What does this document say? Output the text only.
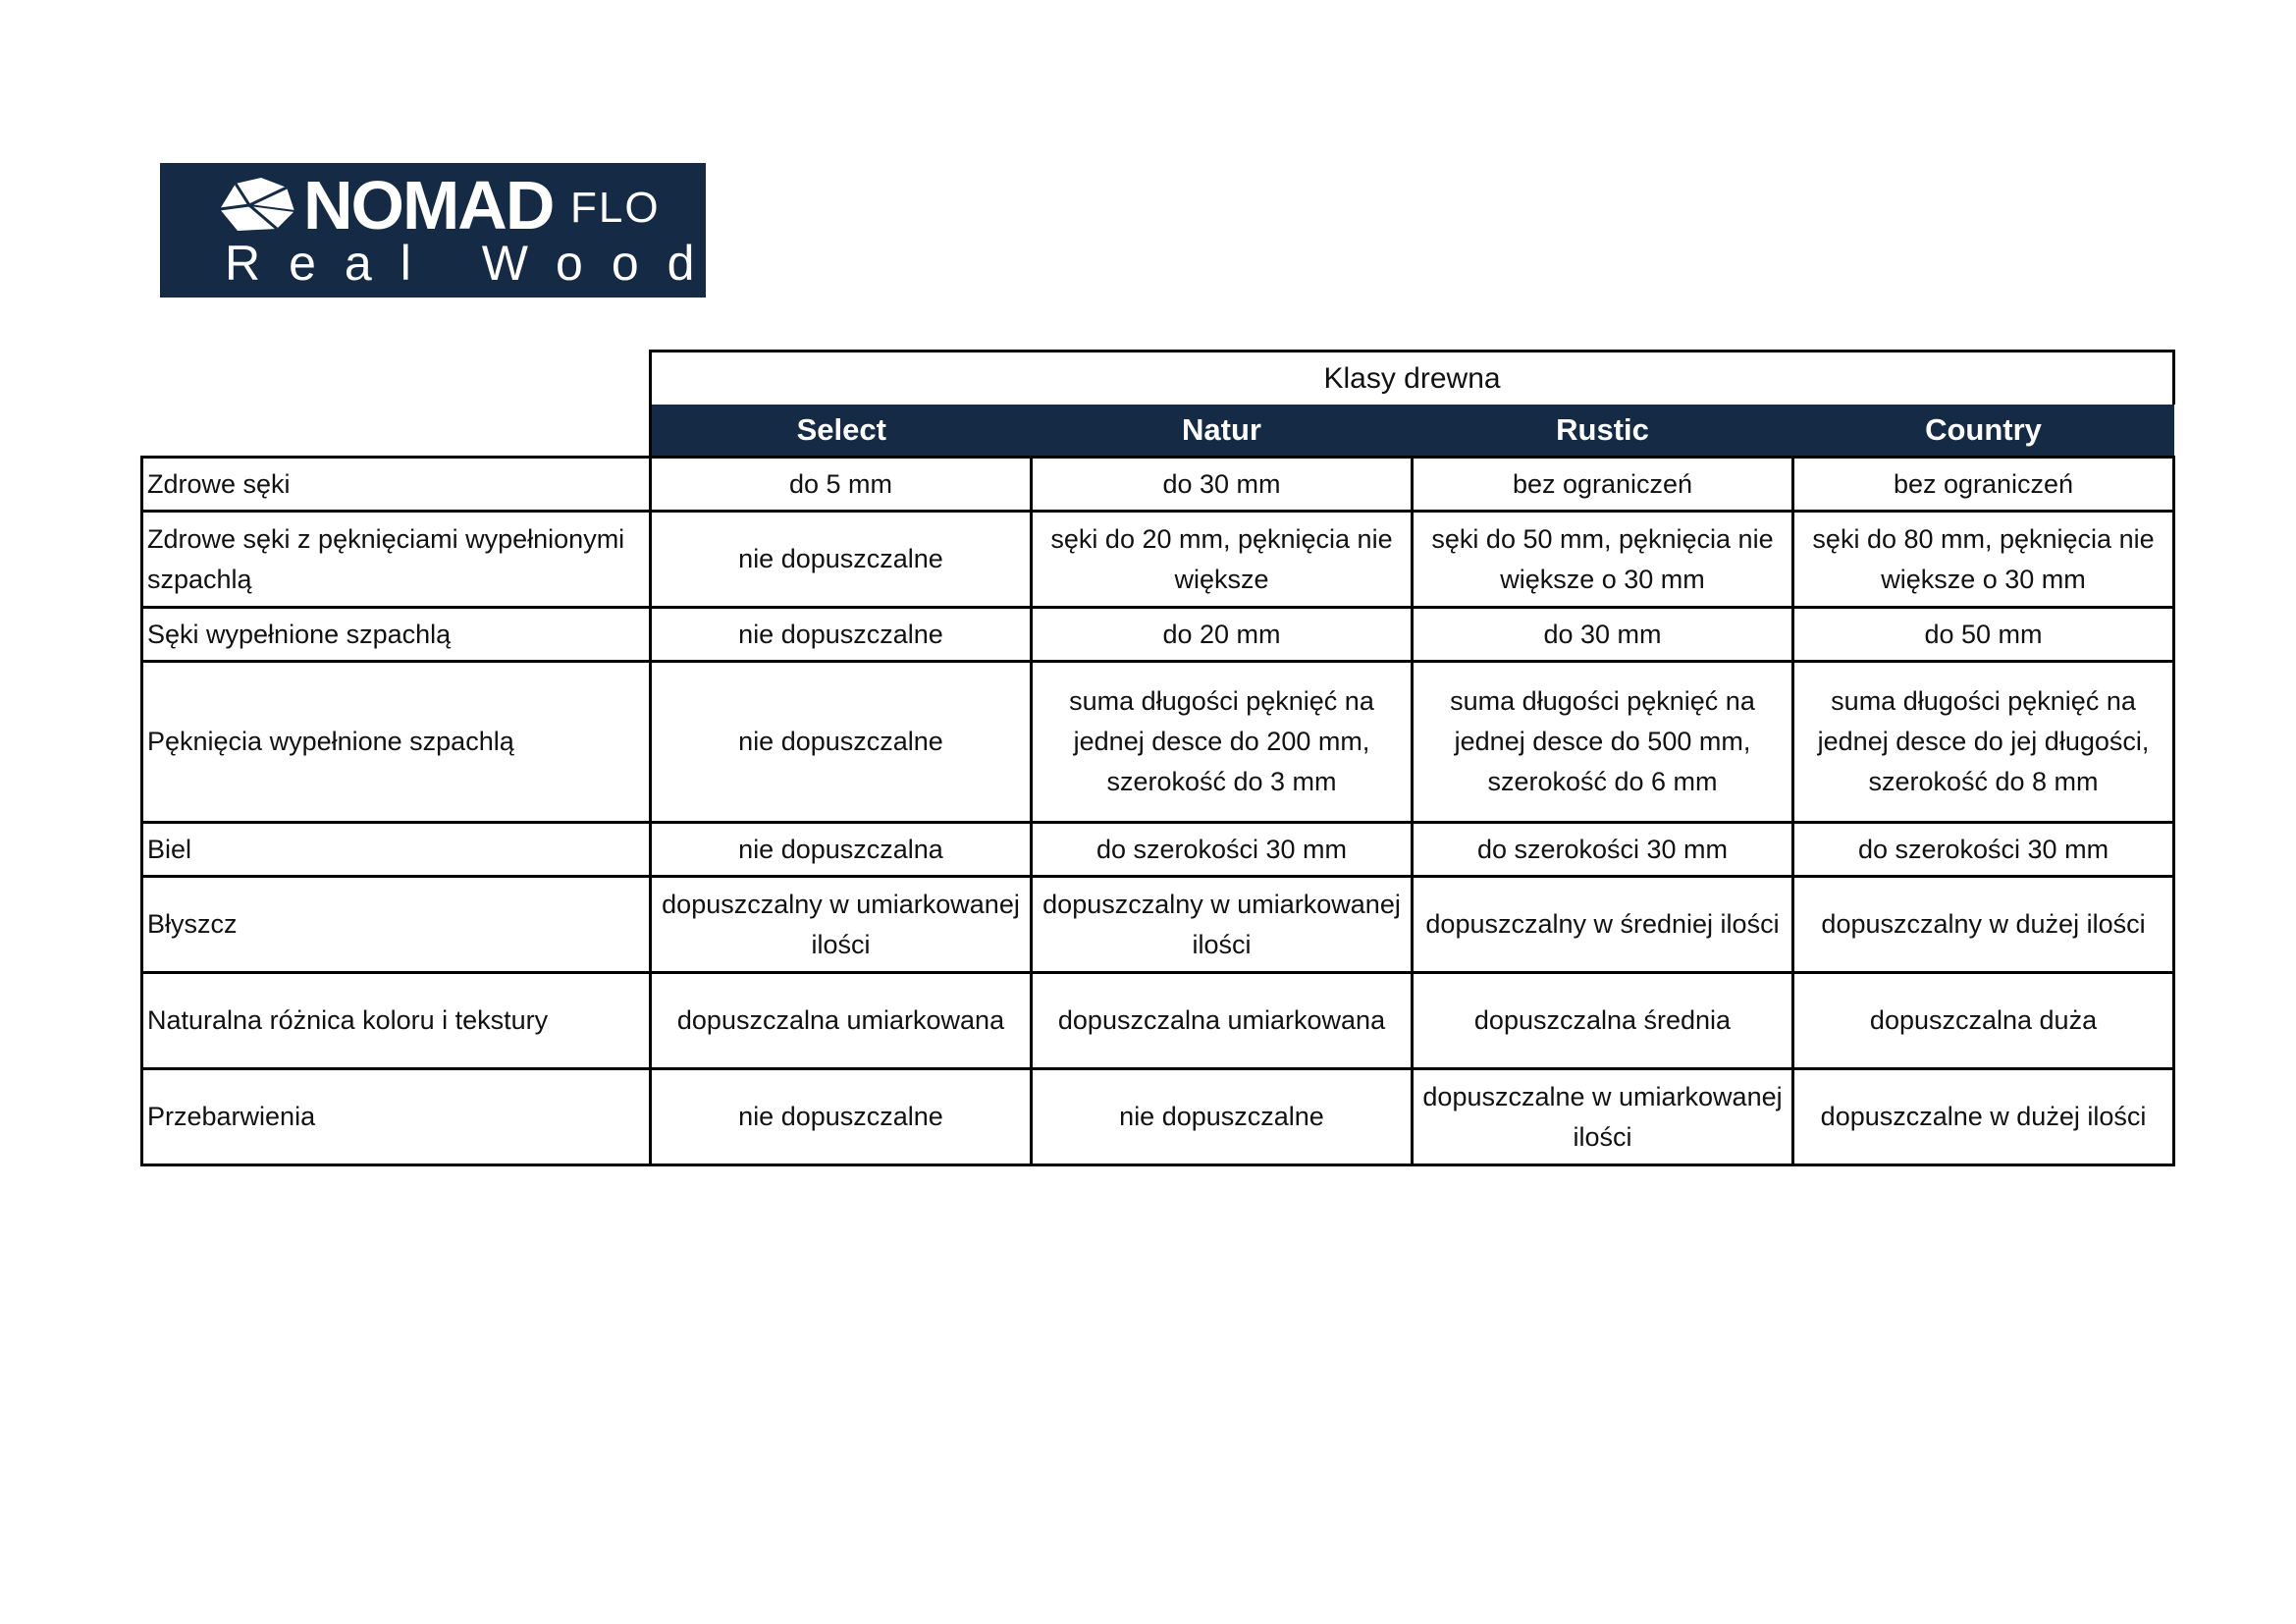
NOMAD FLO
Real Wood
	Klasy drewna			
	Select	Natur	Rustic	Country
Zdrowe sęki	do 5 mm	do 30 mm	bez ograniczeń	bez ograniczeń
Zdrowe sęki z pęknięciami wypełnionymi szpachlą	nie dopuszczalne	sęki do 20 mm, pęknięcia nie większe	sęki do 50 mm, pęknięcia nie większe o 30 mm	sęki do 80 mm, pęknięcia nie większe o 30 mm
Sęki wypełnione szpachlą	nie dopuszczalne	do 20 mm	do 30 mm	do 50 mm
Pęknięcia wypełnione szpachlą	nie dopuszczalne	suma długości pęknięć na jednej desce do 200 mm, szerokość do 3 mm	suma długości pęknięć na jednej desce do 500 mm, szerokość do 6 mm	suma długości pęknięć na jednej desce do jej długości, szerokość do 8 mm
Biel	nie dopuszczalna	do szerokości 30 mm	do szerokości 30 mm	do szerokości 30 mm
Błyszcz	dopuszczalny w umiarkowanej ilości	dopuszczalny w umiarkowanej ilości	dopuszczalny w średniej ilości	dopuszczalny w dużej ilości
Naturalna różnica koloru i tekstury	dopuszczalna umiarkowana	dopuszczalna umiarkowana	dopuszczalna średnia	dopuszczalna duża
Przebarwienia	nie dopuszczalne	nie dopuszczalne	dopuszczalne w umiarkowanej ilości	dopuszczalne w dużej ilości
